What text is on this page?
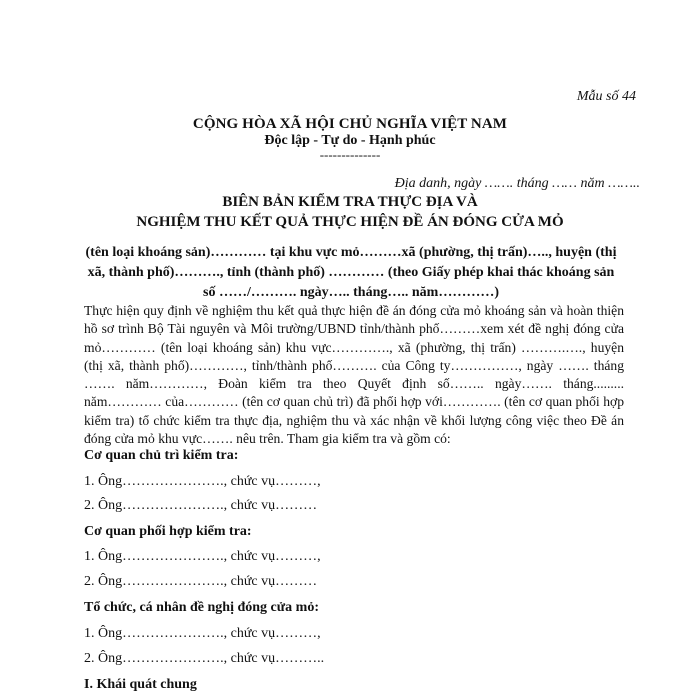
Mẫu số 44
CỘNG HÒA XÃ HỘI CHỦ NGHĨA VIỆT NAM
Độc lập - Tự do - Hạnh phúc
--------------
Địa danh, ngày ……. tháng …… năm ……..
BIÊN BẢN KIỂM TRA THỰC ĐỊA VÀ
NGHIỆM THU KẾT QUẢ THỰC HIỆN ĐỀ ÁN ĐÓNG CỬA MỎ
(tên loại khoáng sản)………… tại khu vực mỏ………xã (phường, thị trấn)….., huyện (thị xã, thành phố)………., tỉnh (thành phố) ………… (theo Giấy phép khai thác khoáng sản số ……/………. ngày….. tháng….. năm…………)
Thực hiện quy định về nghiệm thu kết quả thực hiện đề án đóng cửa mỏ khoáng sản và hoàn thiện hồ sơ trình Bộ Tài nguyên và Môi trường/UBND tỉnh/thành phố………xem xét đề nghị đóng cửa mỏ………… (tên loại khoáng sản) khu vực…………., xã (phường, thị trấn) ……….…., huyện (thị xã, thành phố)…………, tỉnh/thành phố………. của Công ty……………, ngày ……. tháng ……. năm…………, Đoàn kiểm tra theo Quyết định số…….. ngày……. tháng......... năm………… của………… (tên cơ quan chủ trì) đã phối hợp với…………. (tên cơ quan phối hợp kiểm tra) tổ chức kiểm tra thực địa, nghiệm thu và xác nhận về khối lượng công việc theo Đề án đóng cửa mỏ khu vực……. nêu trên. Tham gia kiểm tra và gồm có:
Cơ quan chủ trì kiểm tra:
1. Ông…………………., chức vụ………,
2. Ông…………………., chức vụ………
Cơ quan phối hợp kiểm tra:
1. Ông…………………., chức vụ………,
2. Ông…………………., chức vụ………
Tổ chức, cá nhân đề nghị đóng cửa mỏ:
1. Ông…………………., chức vụ………,
2. Ông…………………., chức vụ………..
I. Khái quát chung
